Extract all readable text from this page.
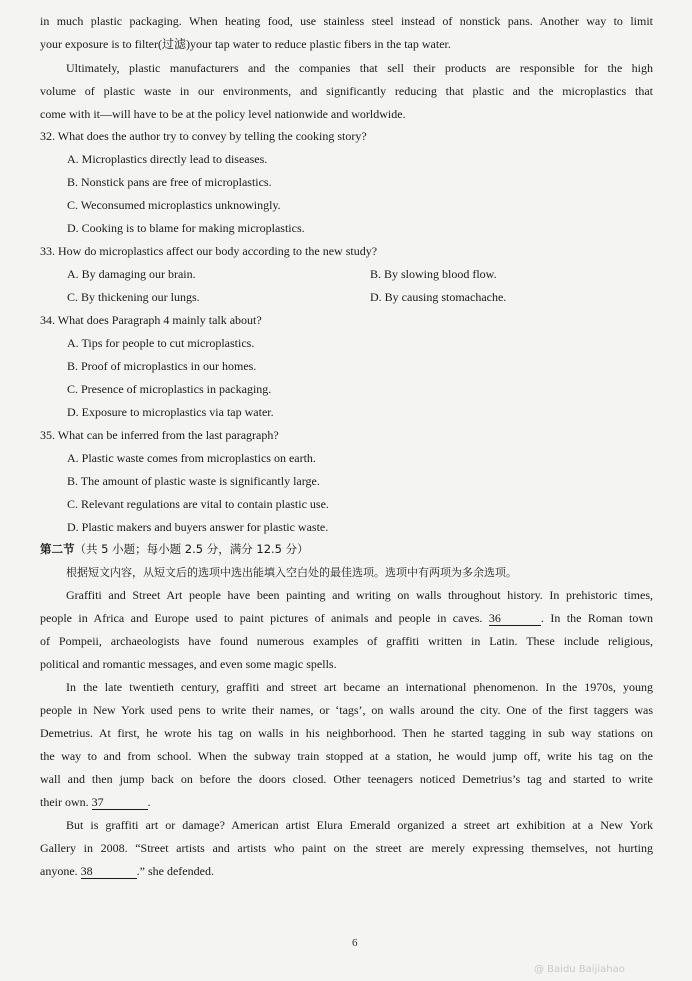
in much plastic packaging. When heating food, use stainless steel instead of nonstick pans. Another way to limit
your exposure is to filter(过滤)your tap water to reduce plastic fibers in the tap water.
Ultimately, plastic manufacturers and the companies that sell their products are responsible for the high
volume of plastic waste in our environments, and significantly reducing that plastic and the microplastics that
come with it—will have to be at the policy level nationwide and worldwide.
32. What does the author try to convey by telling the cooking story?
A. Microplastics directly lead to diseases.
B. Nonstick pans are free of microplastics.
C. Weconsumed microplastics unknowingly.
D. Cooking is to blame for making microplastics.
33. How do microplastics affect our body according to the new study?
A. By damaging our brain.	B. By slowing blood flow.
C. By thickening our lungs.	D. By causing stomachache.
34. What does Paragraph 4 mainly talk about?
A. Tips for people to cut microplastics.
B. Proof of microplastics in our homes.
C. Presence of microplastics in packaging.
D. Exposure to microplastics via tap water.
35. What can be inferred from the last paragraph?
A. Plastic waste comes from microplastics on earth.
B. The amount of plastic waste is significantly large.
C. Relevant regulations are vital to contain plastic use.
D. Plastic makers and buyers answer for plastic waste.
第二节（共 5 小题；每小题 2.5 分，满分 12.5 分）
根据短文内容，从短文后的选项中选出能填入空白处的最佳选项。选项中有两项为多余选项。
Graffiti and Street Art people have been painting and writing on walls throughout history. In prehistoric times,
people in Africa and Europe used to paint pictures of animals and people in caves. 36	. In the Roman town
of Pompeii, archaeologists have found numerous examples of graffiti written in Latin. These include religious,
political and romantic messages, and even some magic spells.
In the late twentieth century, graffiti and street art became an international phenomenon. In the 1970s, young
people in New York used pens to write their names, or ‘tags’, on walls around the city. One of the first taggers was
Demetrius. At first, he wrote his tag on walls in his neighborhood. Then he started tagging in sub way stations on
the way to and from school. When the subway train stopped at a station, he would jump off, write his tag on the
wall and then jump back on before the doors closed. Other teenagers noticed Demetrius’s tag and started to write
their own. 37	.
But is graffiti art or damage? American artist Elura Emerald organized a street art exhibition at a New York
Gallery in 2008. “Street artists and artists who paint on the street are merely expressing themselves, not hurting
anyone. 38	.” she defended.
6
@ Baidu Baijiahao
